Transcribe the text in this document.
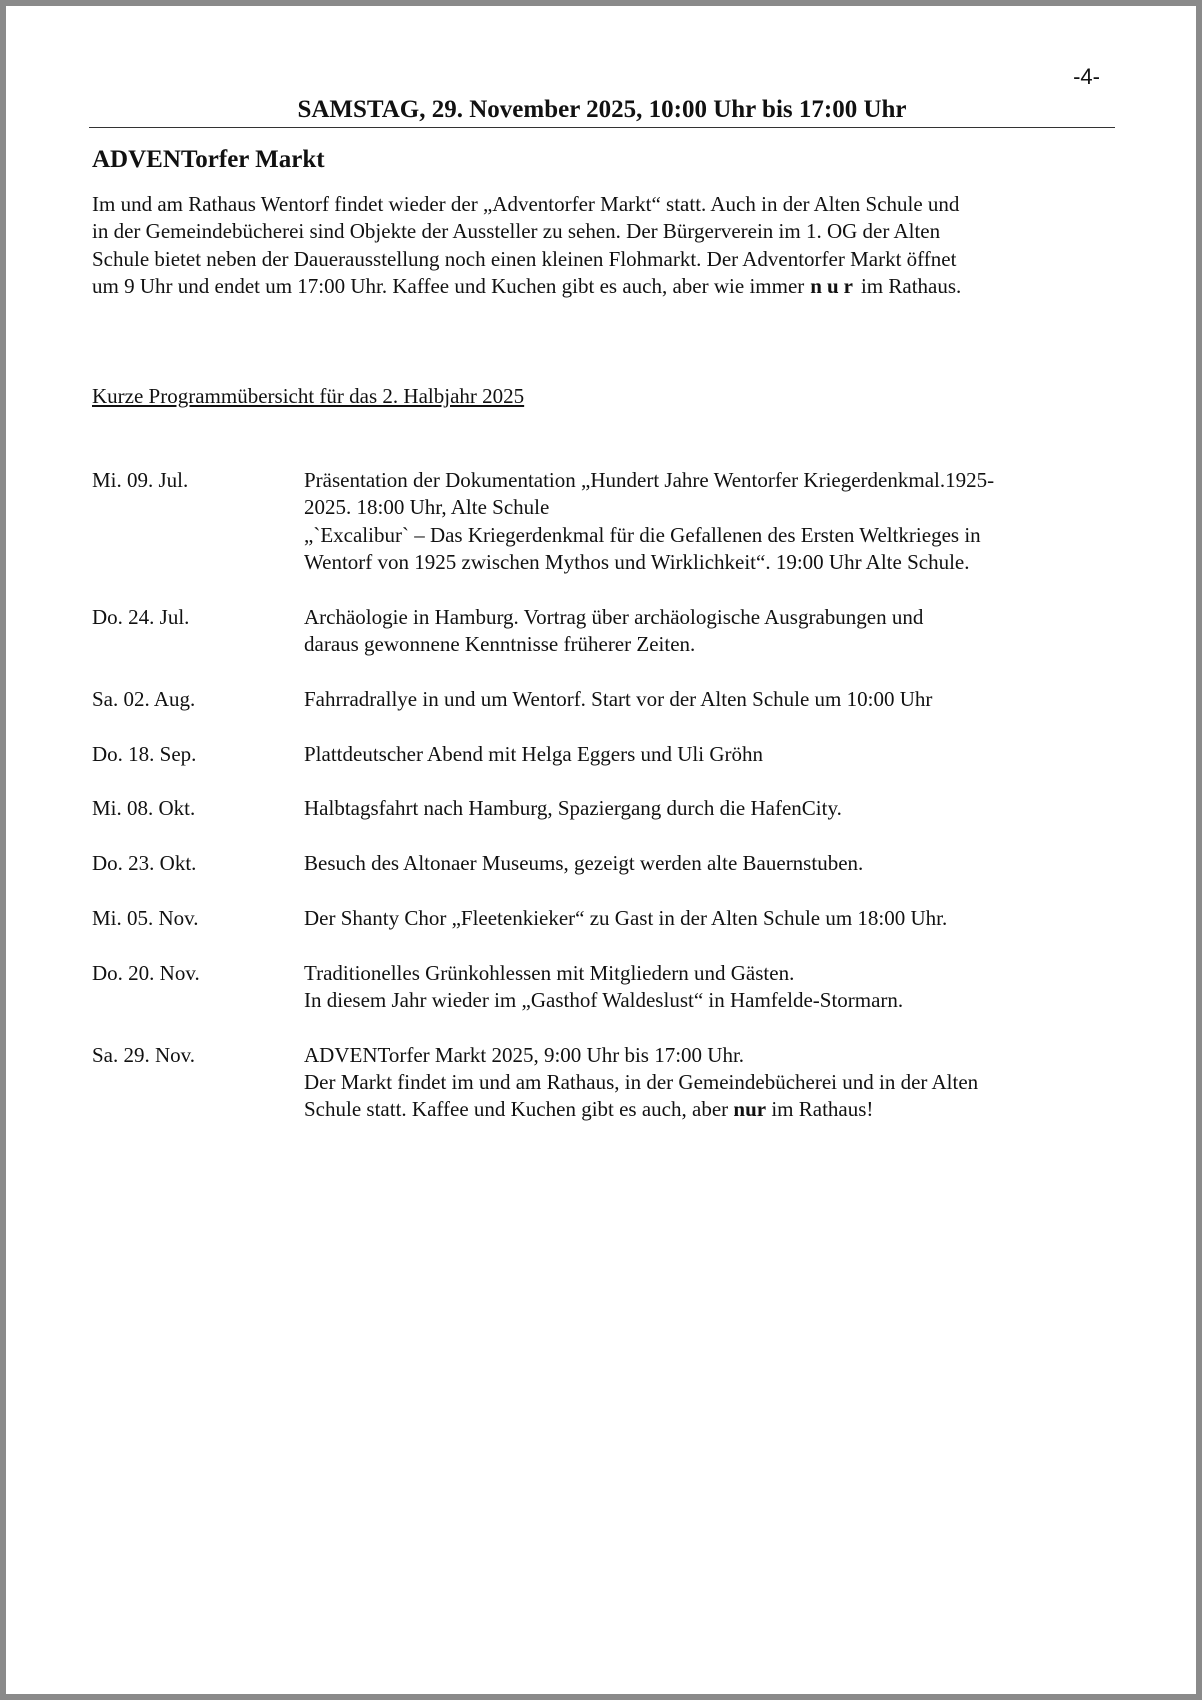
-4-
SAMSTAG, 29. November 2025, 10:00 Uhr bis 17:00 Uhr
ADVENTorfer Markt

Im und am Rathaus Wentorf findet wieder der „Adventorfer Markt“ statt. Auch in der Alten Schule und
in der Gemeindebücherei sind Objekte der Aussteller zu sehen. Der Bürgerverein im 1. OG der Alten
Schule bietet neben der Dauerausstellung noch einen kleinen Flohmarkt. Der Adventorfer Markt öffnet
um 9 Uhr und endet um 17:00 Uhr. Kaffee und Kuchen gibt es auch, aber wie immer nur im Rathaus.

Kurze Programmübersicht für das 2. Halbjahr 2025

Mi. 09. Jul.	Präsentation der Dokumentation „Hundert Jahre Wentorfer Kriegerdenkmal.1925-
2025. 18:00 Uhr, Alte Schule
„`Excalibur` – Das Kriegerdenkmal für die Gefallenen des Ersten Weltkrieges in
Wentorf von 1925 zwischen Mythos und Wirklichkeit“. 19:00 Uhr Alte Schule.
Do. 24. Jul.	Archäologie in Hamburg. Vortrag über archäologische Ausgrabungen und
daraus gewonnene Kenntnisse früherer Zeiten.
Sa. 02. Aug.	Fahrradrallye in und um Wentorf. Start vor der Alten Schule um 10:00 Uhr
Do. 18. Sep.	Plattdeutscher Abend mit Helga Eggers und Uli Gröhn
Mi. 08. Okt.	Halbtagsfahrt nach Hamburg, Spaziergang durch die HafenCity.
Do. 23. Okt.	Besuch des Altonaer Museums, gezeigt werden alte Bauernstuben.
Mi. 05. Nov.	Der Shanty Chor „Fleetenkieker“ zu Gast in der Alten Schule um 18:00 Uhr.
Do. 20. Nov.	Traditionelles Grünkohlessen mit Mitgliedern und Gästen.
In diesem Jahr wieder im „Gasthof Waldeslust“ in Hamfelde-Stormarn.
Sa. 29. Nov.	ADVENTorfer Markt 2025, 9:00 Uhr bis 17:00 Uhr.
Der Markt findet im und am Rathaus, in der Gemeindebücherei und in der Alten
Schule statt. Kaffee und Kuchen gibt es auch, aber nur im Rathaus!
